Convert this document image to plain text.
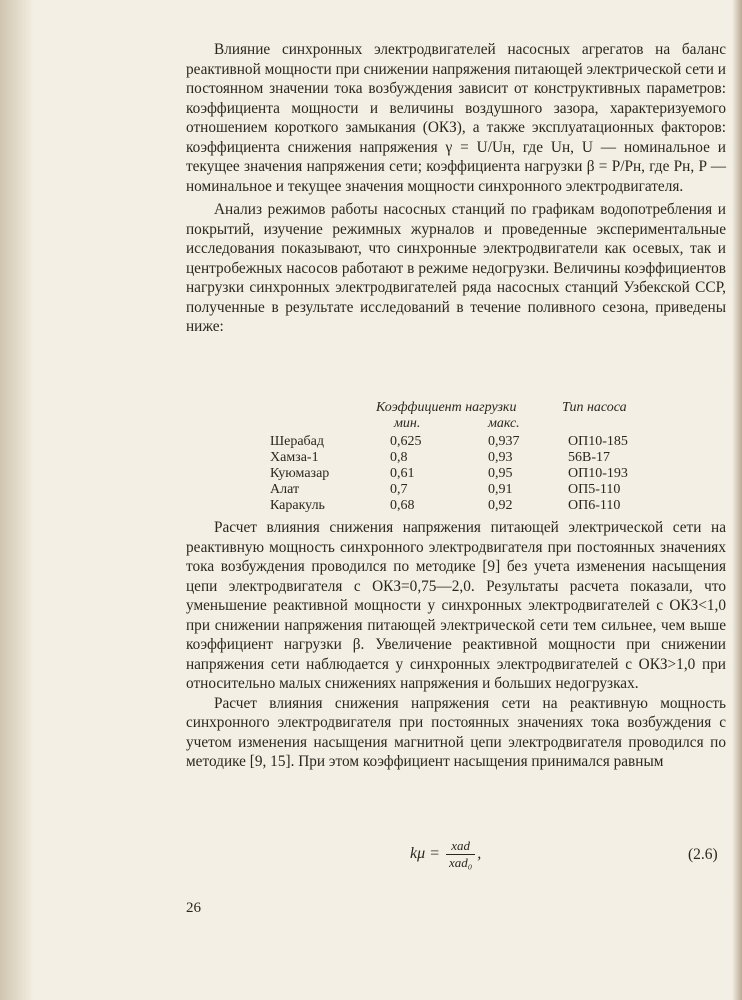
Влияние синхронных электродвигателей насосных агрегатов на баланс реактивной мощности при снижении напряжения питающей электрической сети и постоянном значении тока возбуждения зависит от конструктивных параметров: коэффициента мощности и величины воздушного зазора, характеризуемого отношением короткого замыкания (ОКЗ), а также эксплуатационных факторов: коэффициента снижения напряжения γ = U/Uн, где Uн, U — номинальное и текущее значения напряжения сети; коэффициента нагрузки β = P/Pн, где Pн, P — номинальное и текущее значения мощности синхронного электродвигателя.

Анализ режимов работы насосных станций по графикам водопотребления и покрытий, изучение режимных журналов и проведенные экспериментальные исследования показывают, что синхронные электродвигатели как осевых, так и центробежных насосов работают в режиме недогрузки. Величины коэффициентов нагрузки синхронных электродвигателей ряда насосных станций Узбекской ССР, полученные в результате исследований в течение поливного сезона, приведены ниже:

Коэффициент нагрузки
мин.	макс.
Тип насоса
Шерабад	0,625	0,937	ОП10-185
Хамза-1	0,8	0,93	56В-17
Куюмазар	0,61	0,95	ОП10-193
Алат	0,7	0,91	ОП5-110
Каракуль	0,68	0,92	ОП6-110

Расчет влияния снижения напряжения питающей электрической сети на реактивную мощность синхронного электродвигателя при постоянных значениях тока возбуждения проводился по методике [9] без учета изменения насыщения цепи электродвигателя с ОКЗ=0,75—2,0. Результаты расчета показали, что уменьшение реактивной мощности у синхронных электродвигателей с ОКЗ<1,0 при снижении напряжения питающей электрической сети тем сильнее, чем выше коэффициент нагрузки β. Увеличение реактивной мощности при снижении напряжения сети наблюдается у синхронных электродвигателей с ОКЗ>1,0 при относительно малых снижениях напряжения и больших недогрузках.

Расчет влияния снижения напряжения сети на реактивную мощность синхронного электродвигателя при постоянных значениях тока возбуждения с учетом изменения насыщения магнитной цепи электродвигателя проводился по методике [9, 15]. При этом коэффициент насыщения принимался равным

$k\mu = \frac{\text{xad}}{\text{xad₀}}$ ,	(2.6)
26
